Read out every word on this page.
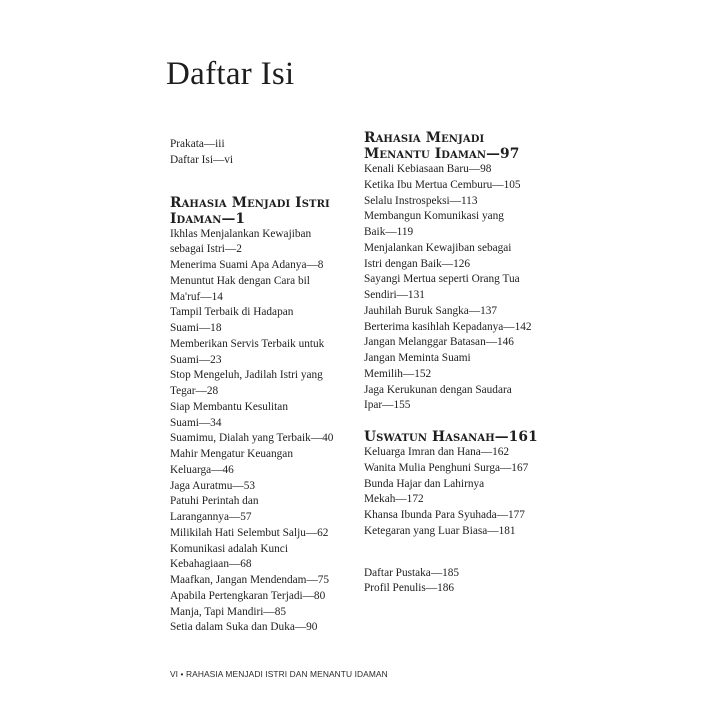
Daftar Isi
Prakata—iii
Daftar Isi—vi
Rahasia Menjadi Istri
Idaman—1
Ikhlas Menjalankan Kewajiban
sebagai Istri—2
Menerima Suami Apa Adanya—8
Menuntut Hak dengan Cara bil
Ma'ruf—14
Tampil Terbaik di Hadapan
Suami—18
Memberikan Servis Terbaik untuk
Suami—23
Stop Mengeluh, Jadilah Istri yang
Tegar—28
Siap Membantu Kesulitan
Suami—34
Suamimu, Dialah yang Terbaik—40
Mahir Mengatur Keuangan
Keluarga—46
Jaga Auratmu—53
Patuhi Perintah dan
Larangannya—57
Milikilah Hati Selembut Salju—62
Komunikasi adalah Kunci
Kebahagiaan—68
Maafkan, Jangan Mendendam—75
Apabila Pertengkaran Terjadi—80
Manja, Tapi Mandiri—85
Setia dalam Suka dan Duka—90
Rahasia Menjadi
Menantu Idaman—97
Kenali Kebiasaan Baru—98
Ketika Ibu Mertua Cemburu—105
Selalu Instrospeksi—113
Membangun Komunikasi yang
Baik—119
Menjalankan Kewajiban sebagai
Istri dengan Baik—126
Sayangi Mertua seperti Orang Tua
Sendiri—131
Jauhilah Buruk Sangka—137
Berterima kasihlah Kepadanya—142
Jangan Melanggar Batasan—146
Jangan Meminta Suami
Memilih—152
Jaga Kerukunan dengan Saudara
Ipar—155
Uswatun Hasanah—161
Keluarga Imran dan Hana—162
Wanita Mulia Penghuni Surga—167
Bunda Hajar dan Lahirnya
Mekah—172
Khansa Ibunda Para Syuhada—177
Ketegaran yang Luar Biasa—181
Daftar Pustaka—185
Profil Penulis—186
VI • RAHASIA MENJADI ISTRI DAN MENANTU IDAMAN
